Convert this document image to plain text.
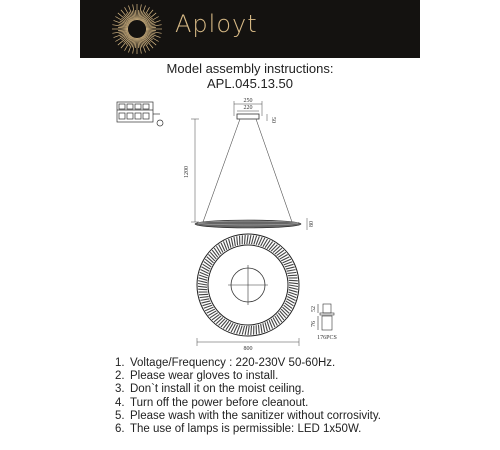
Aployt
Model assembly instructions:
APL.045.13.50
250
220
50
1200
80
800
52
76
176PCS
1. Voltage/Frequency : 220-230V 50-60Hz.
2. Please wear gloves to install.
3. Don`t install it on the moist ceiling.
4. Turn off the power before cleanout.
5. Please wash with the sanitizer without corrosivity.
6. The use of lamps is permissible: LED 1x50W.
